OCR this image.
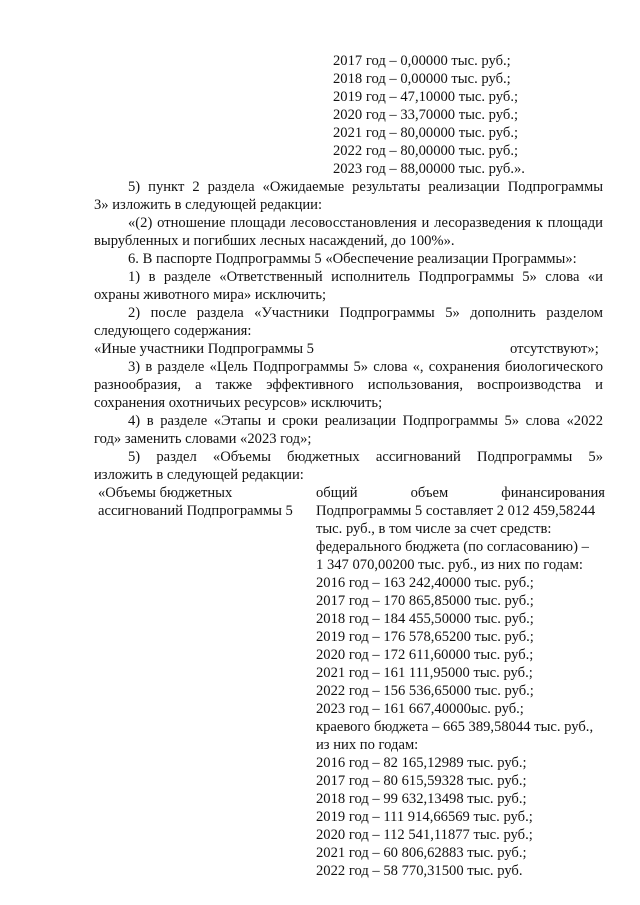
2017 год – 0,00000 тыс. руб.;
2018 год – 0,00000 тыс. руб.;
2019 год – 47,10000 тыс. руб.;
2020 год – 33,70000 тыс. руб.;
2021 год – 80,00000 тыс. руб.;
2022 год – 80,00000 тыс. руб.;
2023 год – 88,00000 тыс. руб.».
5) пункт 2 раздела «Ожидаемые результаты реализации Подпрограммы
3» изложить в следующей редакции:
«(2) отношение площади лесовосстановления и лесоразведения к площади
вырубленных и погибших лесных насаждений, до 100%».
6. В паспорте Подпрограммы 5 «Обеспечение реализации Программы»:
1) в разделе «Ответственный исполнитель Подпрограммы 5» слова «и
охраны животного мира» исключить;
2) после раздела «Участники Подпрограммы 5» дополнить разделом
следующего содержания:
«Иные участники Подпрограммы 5	отсутствуют»;
3) в разделе «Цель Подпрограммы 5» слова «, сохранения биологического
разнообразия, а также эффективного использования, воспроизводства и
сохранения охотничьих ресурсов» исключить;
4) в разделе «Этапы и сроки реализации Подпрограммы 5» слова «2022
год» заменить словами «2023 год»;
5) раздел «Объемы бюджетных ассигнований Подпрограммы 5»
изложить в следующей редакции:
«Объемы бюджетных
ассигнований Подпрограммы 5
общий объем финансирования
Подпрограммы 5 составляет 2 012 459,58244
тыс. руб., в том числе за счет средств:
федерального бюджета (по согласованию) –
1 347 070,00200 тыс. руб., из них по годам:
2016 год – 163 242,40000 тыс. руб.;
2017 год – 170 865,85000 тыс. руб.;
2018 год – 184 455,50000 тыс. руб.;
2019 год – 176 578,65200 тыс. руб.;
2020 год – 172 611,60000 тыс. руб.;
2021 год – 161 111,95000 тыс. руб.;
2022 год – 156 536,65000 тыс. руб.;
2023 год – 161 667,40000ыс. руб.;
краевого бюджета – 665 389,58044 тыс. руб.,
из них по годам:
2016 год – 82 165,12989 тыс. руб.;
2017 год – 80 615,59328 тыс. руб.;
2018 год – 99 632,13498 тыс. руб.;
2019 год – 111 914,66569 тыс. руб.;
2020 год – 112 541,11877 тыс. руб.;
2021 год – 60 806,62883 тыс. руб.;
2022 год – 58 770,31500 тыс. руб.
